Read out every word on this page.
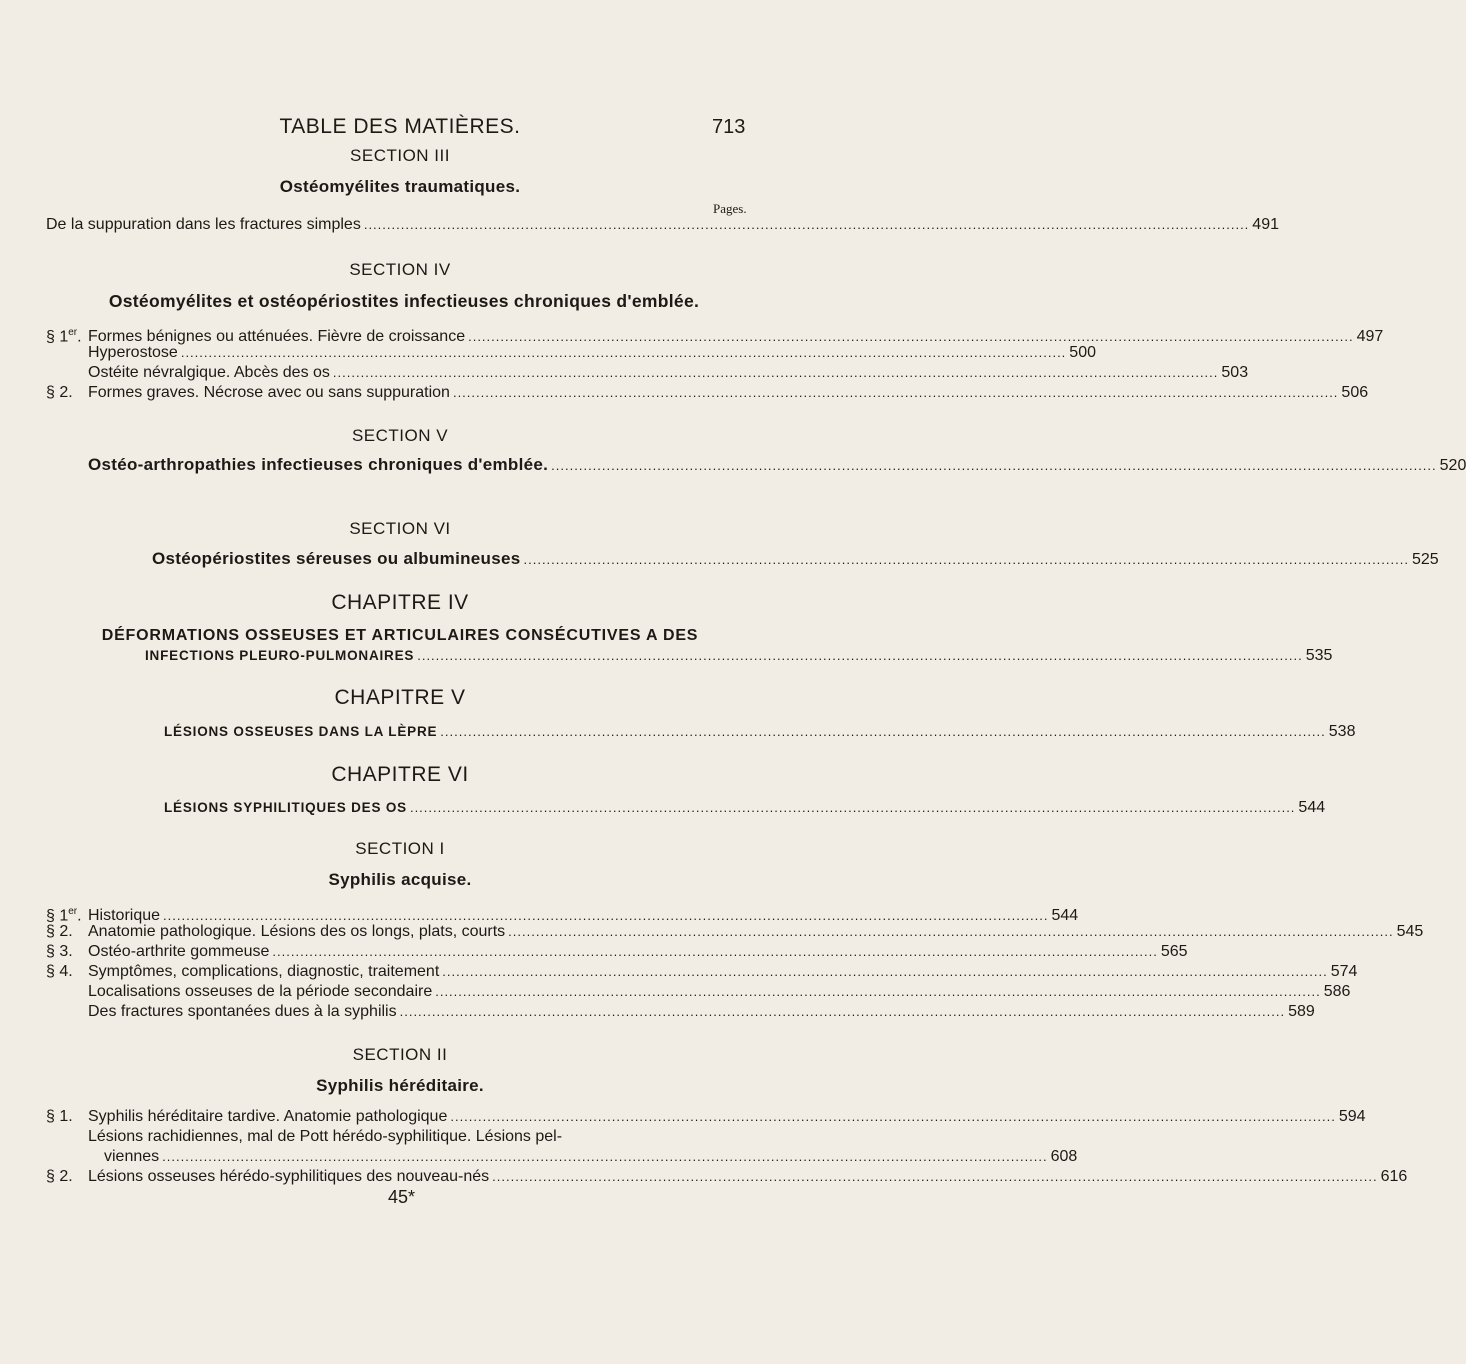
TABLE DES MATIÈRES.	713
SECTION III
Ostéomyélites traumatiques.
Pages.
De la suppuration dans les fractures simples .....	491
SECTION IV
Ostéomyélites et ostéopériostites infectieuses chroniques d'emblée.
§ 1er. Formes bénignes ou atténuées. Fièvre de croissance .....	497
Hyperostose .....	500
Ostéite névralgique. Abcès des os .....	503
§ 2. Formes graves. Nécrose avec ou sans suppuration .....	506
SECTION V
Ostéo-arthropathies infectieuses chroniques d'emblée. .....	520
SECTION VI
Ostéopériostites séreuses ou albumineuses .....	525
CHAPITRE IV
DÉFORMATIONS OSSEUSES ET ARTICULAIRES CONSÉCUTIVES A DES
INFECTIONS PLEURO-PULMONAIRES .....	535
CHAPITRE V
LÉSIONS OSSEUSES DANS LA LÈPRE .....	538
CHAPITRE VI
LÉSIONS SYPHILITIQUES DES OS .....	544
SECTION I
Syphilis acquise.
§ 1er. Historique .....	544
§ 2. Anatomie pathologique. Lésions des os longs, plats, courts .....	545
§ 3. Ostéo-arthrite gommeuse .....	565
§ 4. Symptômes, complications, diagnostic, traitement .....	574
Localisations osseuses de la période secondaire .....	586
Des fractures spontanées dues à la syphilis .....	589
SECTION II
Syphilis héréditaire.
§ 1. Syphilis héréditaire tardive. Anatomie pathologique .....	594
Lésions rachidiennes, mal de Pott hérédo-syphilitique. Lésions pel-
viennes .....	608
§ 2. Lésions osseuses hérédo-syphilitiques des nouveau-nés .....	616
45*
